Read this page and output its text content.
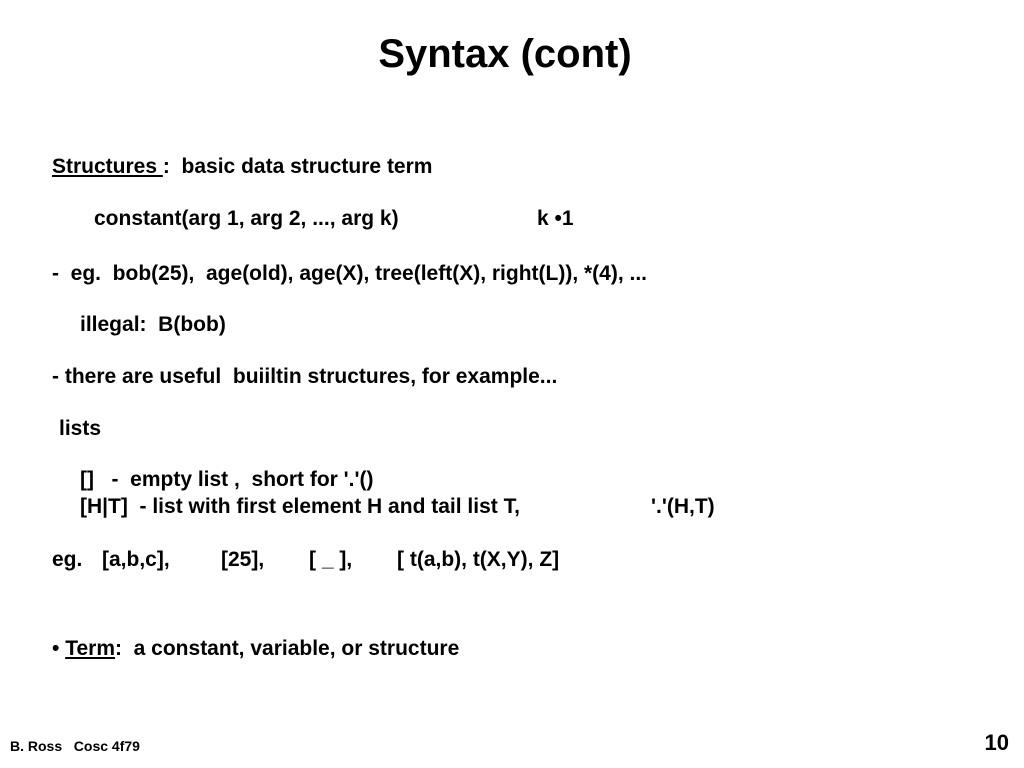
Syntax (cont)
Structures :  basic data structure term
constant(arg 1, arg 2, ..., arg k)	k •1
-  eg.  bob(25),  age(old), age(X), tree(left(X), right(L)), *(4), ...
illegal:  B(bob)
- there are useful  buiiltin structures, for example...
lists
[]   -  empty list ,  short for '.'()
[H|T]  - list with first element H and tail list T,	'.'(H,T)
eg. [a,b,c], [25], [ _ ], [ t(a,b), t(X,Y), Z]
• Term:  a constant, variable, or structure
B. Ross Cosc 4f79	10
